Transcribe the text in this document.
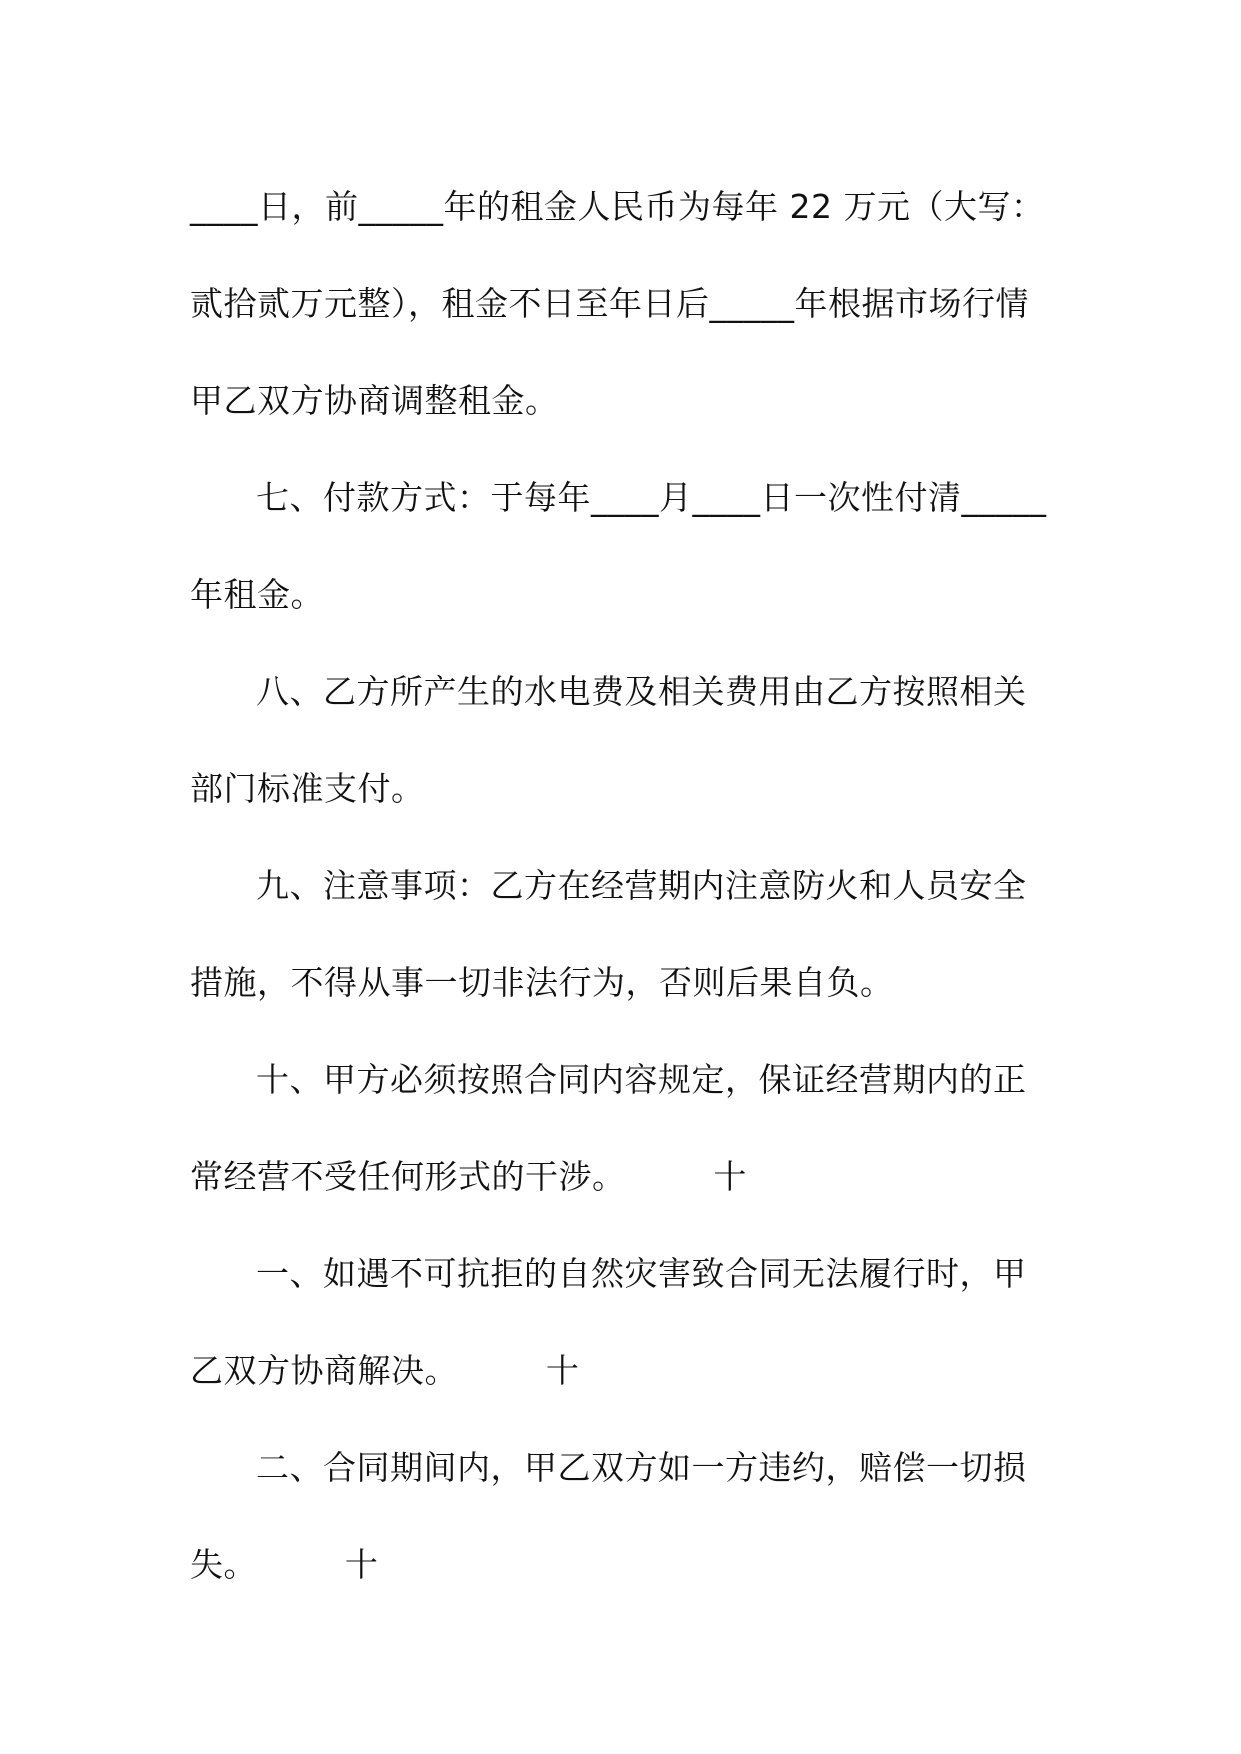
____日，前_____年的租金人民币为每年 22 万元（大写：
贰拾贰万元整），租金不日至年日后_____年根据市场行情
甲乙双方协商调整租金。
七、付款方式：于每年____月____日一次性付清_____
年租金。
八、乙方所产生的水电费及相关费用由乙方按照相关
部门标准支付。
九、注意事项：乙方在经营期内注意防火和人员安全
措施，不得从事一切非法行为，否则后果自负。
十、甲方必须按照合同内容规定，保证经营期内的正
常经营不受任何形式的干涉。        十
一、如遇不可抗拒的自然灾害致合同无法履行时，甲
乙双方协商解决。        十
二、合同期间内，甲乙双方如一方违约，赔偿一切损
失。        十
